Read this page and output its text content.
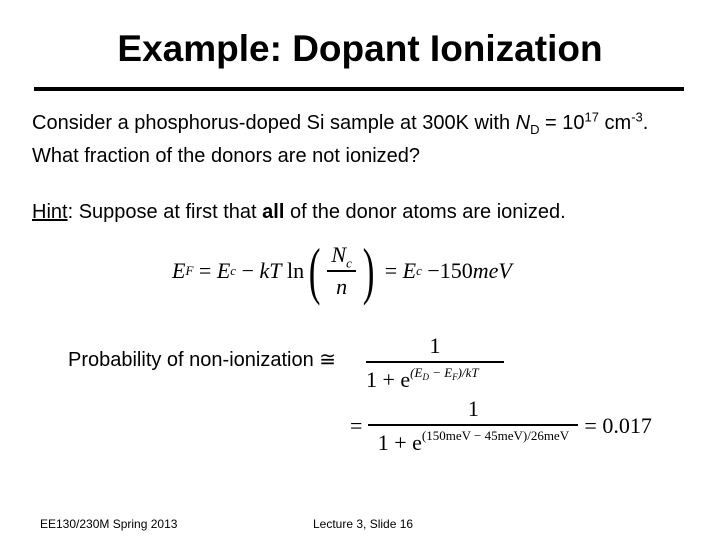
Example: Dopant Ionization
Consider a phosphorus-doped Si sample at 300K with $N_D = 10^{17}$ $cm^{-3}$.
What fraction of the donors are not ionized?
Hint: Suppose at first that all of the donor atoms are ionized.
E F = E c − kT ln ( $\frac{N_c}{n}$ ) = E c −150 meV
Probability of non-ionization ≅
1
$1 + e^{(ED}$ $^{- EF)/kT}$
=
1
$1 + e^{(150meV - 45meV)/26meV} = 0.017$
EE130/230M Spring 2013	Lecture 3, Slide 16
